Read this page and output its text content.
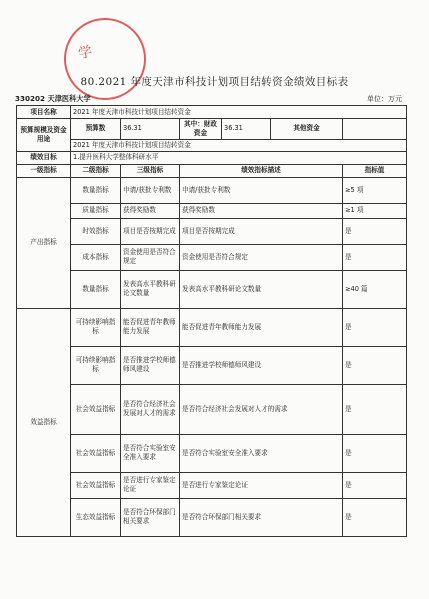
学
80.2021 年度天津市科技计划项目结转资金绩效目标表
330202 天津医科大学	单位：万元
项目名称	2021 年度天津市科技计划项目结转资金					
预算规模及资金用途	预算数	36.31	其中：财政资金	36.31	其他资金	
	2021 年度天津市科技计划项目结转资金					
绩效目标	1.提升医科大学整体科研水平					
一级指标	二级指标	三级指标	绩效指标描述			指标值
产出指标	数量指标	申请/获批专利数	申请/获批专利数			≥5 项
	质量指标	获得奖励数	获得奖励数			≥1 项
	时效指标	项目是否按期完成	项目是否按期完成			是
	成本指标	资金使用是否符合规定	资金使用是否符合规定			是
	数量指标	发表高水平教科研论文数量	发表高水平教科研论文数量			≥40 篇
效益指标	可持续影响指标	能否促进青年教师能力发展	能否促进青年教师能力发展			是
	可持续影响指标	是否推进学校师德师风建设	是否推进学校师德师风建设			是
	社会效益指标	是否符合经济社会发展对人才的需求	是否符合经济社会发展对人才的需求			是
	社会效益指标	是否符合实验室安全准入要求	是否符合实验室安全准入要求			是
	社会效益指标	是否进行专家鉴定论证	是否进行专家鉴定论证			是
	生态效益指标	是否符合环保部门相关要求	是否符合环保部门相关要求			是
